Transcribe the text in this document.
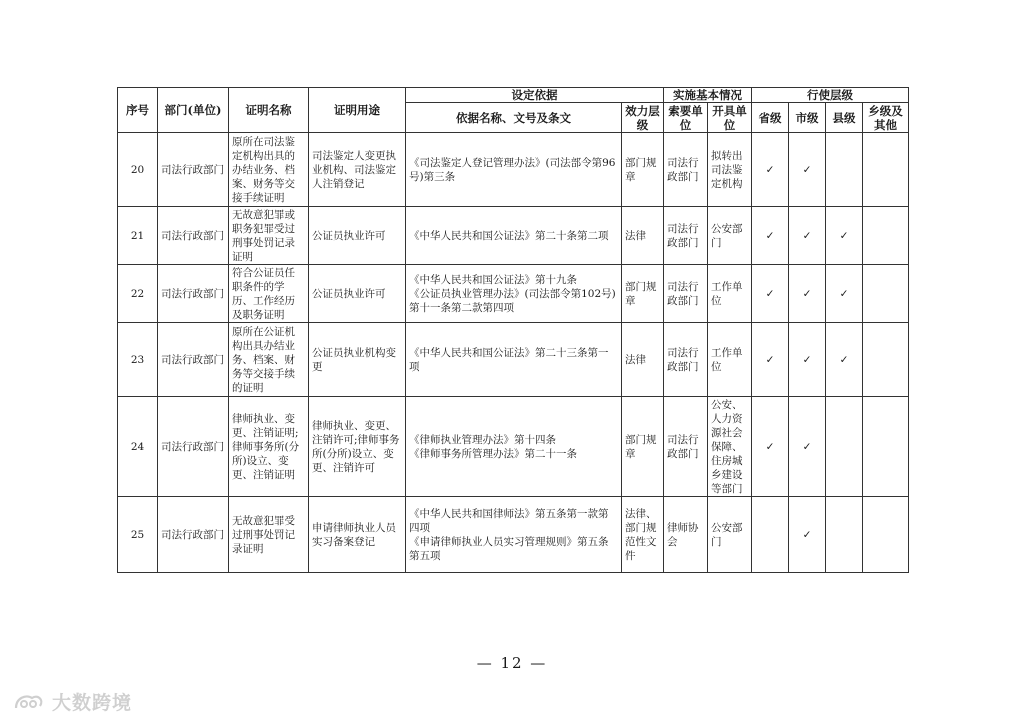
序号	部门(单位)	证明名称	证明用途	设定依据		实施基本情况		行使层级			
				依据名称、文号及条文	效力层级	索要单位	开具单位	省级	市级	县级	乡级及其他
20	司法行政部门	原所在司法鉴定机构出具的办结业务、档案、财务等交接手续证明	司法鉴定人变更执业机构、司法鉴定人注销登记	《司法鉴定人登记管理办法》(司法部令第96号)第三条	部门规章	司法行政部门	拟转出司法鉴定机构	✓	✓		
21	司法行政部门	无故意犯罪或职务犯罪受过刑事处罚记录证明	公证员执业许可	《中华人民共和国公证法》第二十条第二项	法律	司法行政部门	公安部门	✓	✓	✓	
22	司法行政部门	符合公证员任职条件的学历、工作经历及职务证明	公证员执业许可	《中华人民共和国公证法》第十九条
《公证员执业管理办法》(司法部令第102号)第十一条第二款第四项	部门规章	司法行政部门	工作单位	✓	✓	✓	
23	司法行政部门	原所在公证机构出具办结业务、档案、财务等交接手续的证明	公证员执业机构变更	《中华人民共和国公证法》第二十三条第一项	法律	司法行政部门	工作单位	✓	✓	✓	
24	司法行政部门	律师执业、变更、注销证明;律师事务所(分所)设立、变更、注销证明	律师执业、变更、注销许可;律师事务所(分所)设立、变更、注销许可	《律师执业管理办法》第十四条
《律师事务所管理办法》第二十一条	部门规章	司法行政部门	公安、人力资源社会保障、住房城乡建设等部门	✓	✓		
25	司法行政部门	无故意犯罪受过刑事处罚记录证明	申请律师执业人员实习备案登记	《中华人民共和国律师法》第五条第一款第四项
《申请律师执业人员实习管理规则》第五条第五项	法律、部门规范性文件	律师协会	公安部门		✓		
— 12 —
大数跨境
